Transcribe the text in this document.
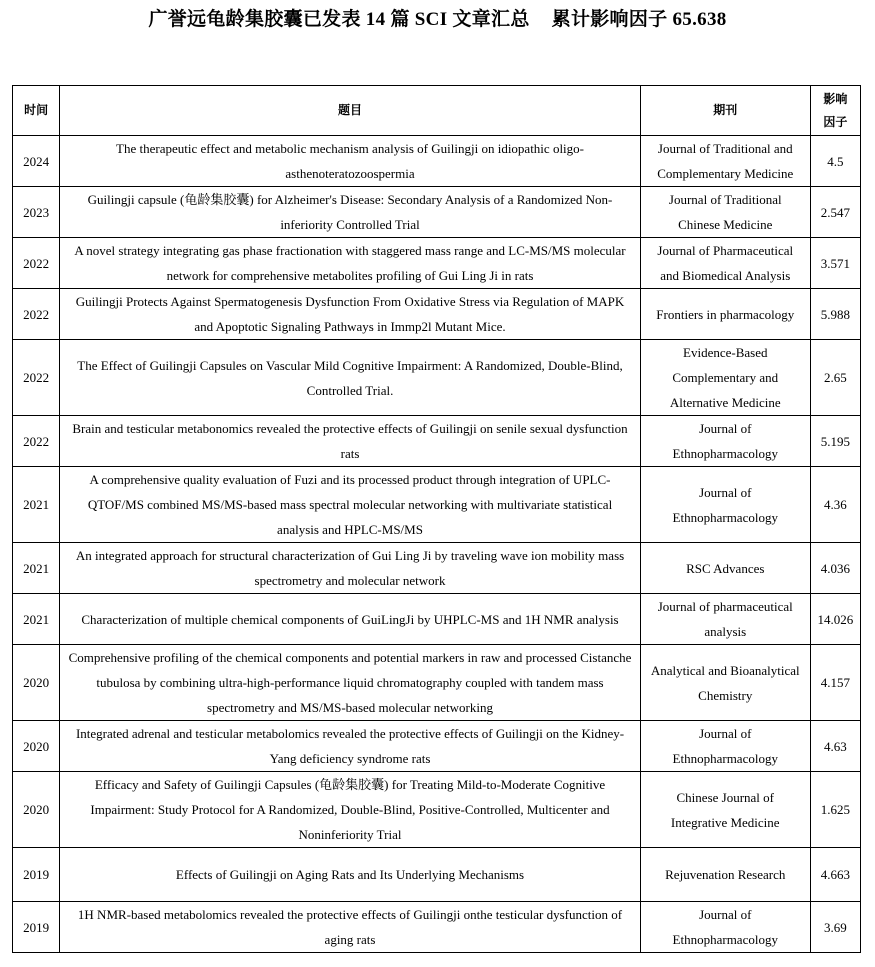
广誉远龟龄集胶囊已发表 14 篇 SCI 文章汇总 累计影响因子 65.638
时间	题目	期刊	影响因子
2024	The therapeutic effect and metabolic mechanism analysis of Guilingji on idiopathic oligo-asthenoteratozoospermia	Journal of Traditional and Complementary Medicine	4.5
2023	Guilingji capsule (龟龄集胶囊) for Alzheimer's Disease: Secondary Analysis of a Randomized Non-inferiority Controlled Trial	Journal of Traditional Chinese Medicine	2.547
2022	A novel strategy integrating gas phase fractionation with staggered mass range and LC-MS/MS molecular network for comprehensive metabolites profiling of Gui Ling Ji in rats	Journal of Pharmaceutical and Biomedical Analysis	3.571
2022	Guilingji Protects Against Spermatogenesis Dysfunction From Oxidative Stress via Regulation of MAPK and Apoptotic Signaling Pathways in Immp2l Mutant Mice.	Frontiers in pharmacology	5.988
2022	The Effect of Guilingji Capsules on Vascular Mild Cognitive Impairment: A Randomized, Double-Blind, Controlled Trial.	Evidence-Based Complementary and Alternative Medicine	2.65
2022	Brain and testicular metabonomics revealed the protective effects of Guilingji on senile sexual dysfunction rats	Journal of Ethnopharmacology	5.195
2021	A comprehensive quality evaluation of Fuzi and its processed product through integration of UPLC-QTOF/MS combined MS/MS-based mass spectral molecular networking with multivariate statistical analysis and HPLC-MS/MS	Journal of Ethnopharmacology	4.36
2021	An integrated approach for structural characterization of Gui Ling Ji by traveling wave ion mobility mass spectrometry and molecular network	RSC Advances	4.036
2021	Characterization of multiple chemical components of GuiLingJi by UHPLC-MS and 1H NMR analysis	Journal of pharmaceutical analysis	14.026
2020	Comprehensive profiling of the chemical components and potential markers in raw and processed Cistanche tubulosa by combining ultra-high-performance liquid chromatography coupled with tandem mass spectrometry and MS/MS-based molecular networking	Analytical and Bioanalytical Chemistry	4.157
2020	Integrated adrenal and testicular metabolomics revealed the protective effects of Guilingji on the Kidney-Yang deficiency syndrome rats	Journal of Ethnopharmacology	4.63
2020	Efficacy and Safety of Guilingji Capsules (龟龄集胶囊) for Treating Mild-to-Moderate Cognitive Impairment: Study Protocol for A Randomized, Double-Blind, Positive-Controlled, Multicenter and Noninferiority Trial	Chinese Journal of Integrative Medicine	1.625
2019	Effects of Guilingji on Aging Rats and Its Underlying Mechanisms	Rejuvenation Research	4.663
2019	1H NMR-based metabolomics revealed the protective effects of Guilingji onthe testicular dysfunction of aging rats	Journal of Ethnopharmacology	3.69
